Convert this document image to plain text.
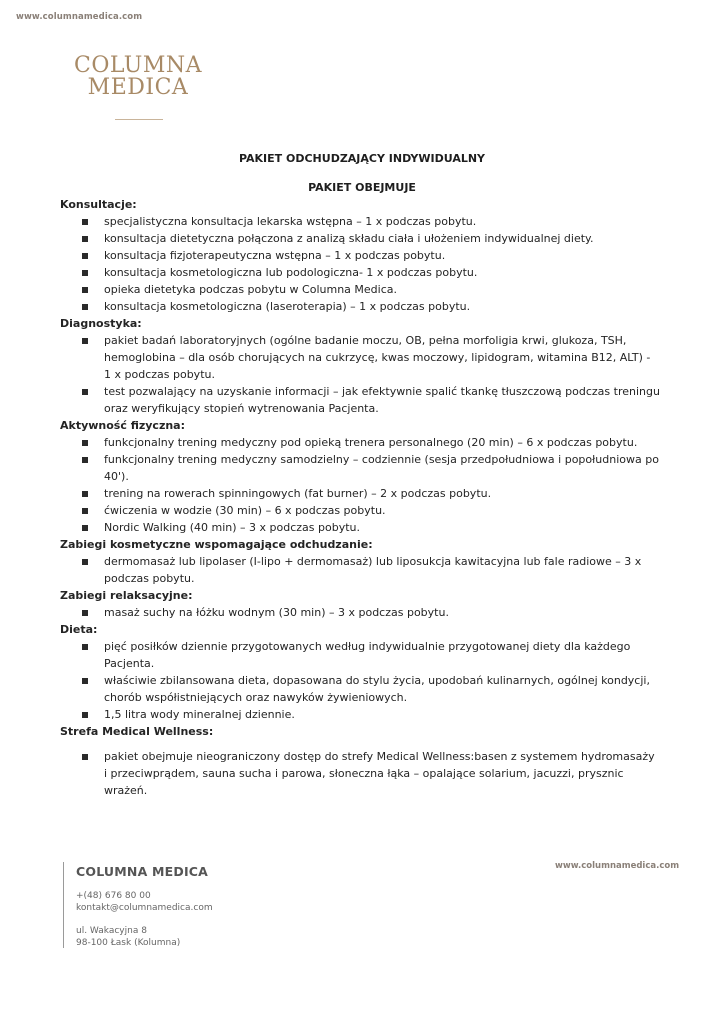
www.columnamedica.com
COLUMNA
MEDICA
PAKIET ODCHUDZAJĄCY INDYWIDUALNY
PAKIET OBEJMUJE
Konsultacje:
specjalistyczna konsultacja lekarska wstępna – 1 x podczas pobytu.
konsultacja dietetyczna połączona z analizą składu ciała i ułożeniem indywidualnej diety.
konsultacja fizjoterapeutyczna wstępna – 1 x podczas pobytu.
konsultacja kosmetologiczna lub podologiczna- 1 x podczas pobytu.
opieka dietetyka podczas pobytu w Columna Medica.
konsultacja kosmetologiczna (laseroterapia) – 1 x podczas pobytu.
Diagnostyka:
pakiet badań laboratoryjnych (ogólne badanie moczu, OB, pełna morfoligia krwi, glukoza, TSH, hemoglobina – dla osób chorujących na cukrzycę, kwas moczowy, lipidogram, witamina B12, ALT) - 1 x podczas pobytu.
test pozwalający na uzyskanie informacji – jak efektywnie spalić tkankę tłuszczową podczas treningu oraz weryfikujący stopień wytrenowania Pacjenta.
Aktywność fizyczna:
funkcjonalny trening medyczny pod opieką trenera personalnego (20 min) – 6 x podczas pobytu.
funkcjonalny trening medyczny samodzielny – codziennie (sesja przedpołudniowa i popołudniowa po 40').
trening na rowerach spinningowych (fat burner) – 2 x podczas pobytu.
ćwiczenia w wodzie (30 min) – 6 x podczas pobytu.
Nordic Walking (40 min) – 3 x podczas pobytu.
Zabiegi kosmetyczne wspomagające odchudzanie:
dermomasaż lub lipolaser (I-lipo + dermomasaż) lub liposukcja kawitacyjna lub fale radiowe – 3 x podczas pobytu.
Zabiegi relaksacyjne:
masaż suchy na łóżku wodnym (30 min) – 3 x podczas pobytu.
Dieta:
pięć posiłków dziennie przygotowanych według indywidualnie przygotowanej diety dla każdego Pacjenta.
właściwie zbilansowana dieta, dopasowana do stylu życia, upodobań kulinarnych, ogólnej kondycji, chorób współistniejących oraz nawyków żywieniowych.
1,5 litra wody mineralnej dziennie.
Strefa Medical Wellness:
pakiet obejmuje nieograniczony dostęp do strefy Medical Wellness:basen z systemem hydromasaży i przeciwprądem, sauna sucha i parowa, słoneczna łąka – opalające solarium, jacuzzi, prysznic wrażeń.
COLUMNA MEDICA
+(48) 676 80 00
kontakt@columnamedica.com
ul. Wakacyjna 8
98-100 Łask (Kolumna)
www.columnamedica.com
